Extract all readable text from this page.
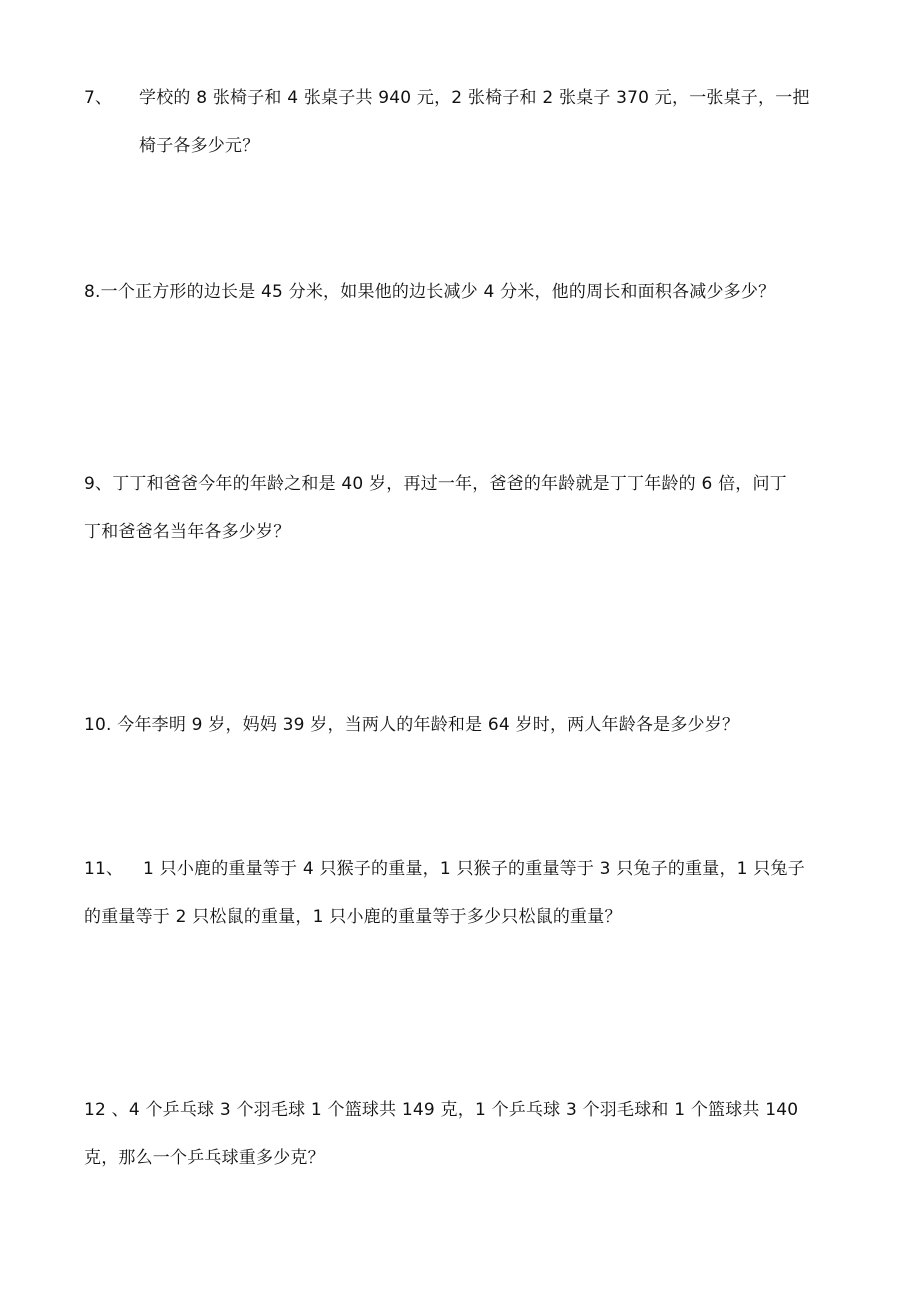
7、 学校的 8 张椅子和 4 张桌子共 940 元，2 张椅子和 2 张桌子 370 元，一张桌子，一把
椅子各多少元？
8.一个正方形的边长是 45 分米，如果他的边长减少 4 分米，他的周长和面积各减少多少？
9、丁丁和爸爸今年的年龄之和是 40 岁，再过一年，爸爸的年龄就是丁丁年龄的 6 倍，问丁
丁和爸爸名当年各多少岁？
10. 今年李明 9 岁，妈妈 39 岁，当两人的年龄和是 64 岁时，两人年龄各是多少岁？
11、 1 只小鹿的重量等于 4 只猴子的重量，1 只猴子的重量等于 3 只兔子的重量，1 只兔子
的重量等于 2 只松鼠的重量，1 只小鹿的重量等于多少只松鼠的重量？
12 、4 个乒乓球 3 个羽毛球 1 个篮球共 149 克，1 个乒乓球 3 个羽毛球和 1 个篮球共 140
克，那么一个乒乓球重多少克？
